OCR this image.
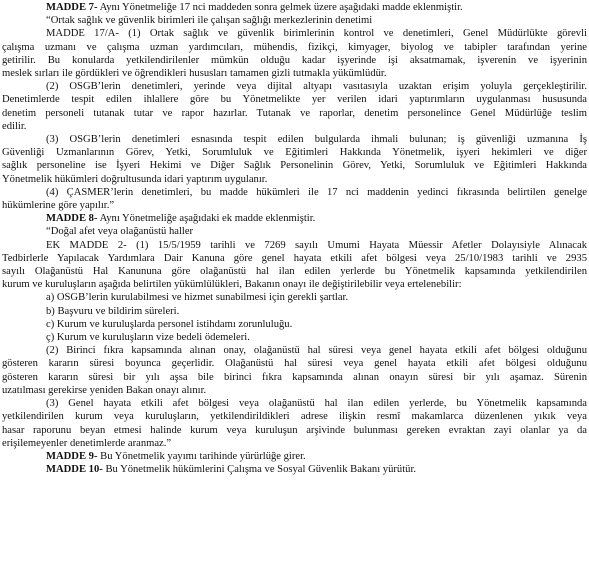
MADDE 7- Aynı Yönetmeliğe 17 nci maddeden sonra gelmek üzere aşağıdaki madde eklenmiştir.
“Ortak sağlık ve güvenlik birimleri ile çalışan sağlığı merkezlerinin denetimi
MADDE 17/A- (1) Ortak sağlık ve güvenlik birimlerinin kontrol ve denetimleri, Genel Müdürlükte görevli
çalışma uzmanı ve çalışma uzman yardımcıları, mühendis, fizikçi, kimyager, biyolog ve tabipler tarafından yerine
getirilir. Bu konularda yetkilendirilenler mümkün olduğu kadar işyerinde işi aksatmamak, işverenin ve işyerinin
meslek sırları ile gördükleri ve öğrendikleri hususları tamamen gizli tutmakla yükümlüdür.
(2) OSGB’lerin denetimleri, yerinde veya dijital altyapı vasıtasıyla uzaktan erişim yoluyla gerçekleştirilir.
Denetimlerde tespit edilen ihlallere göre bu Yönetmelikte yer verilen idari yaptırımların uygulanması hususunda
denetim personeli tutanak tutar ve rapor hazırlar. Tutanak ve raporlar, denetim personelince Genel Müdürlüğe teslim
edilir.
(3) OSGB’lerin denetimleri esnasında tespit edilen bulgularda ihmali bulunan; iş güvenliği uzmanına İş
Güvenliği Uzmanlarının Görev, Yetki, Sorumluluk ve Eğitimleri Hakkında Yönetmelik, işyeri hekimleri ve diğer
sağlık personeline ise İşyeri Hekimi ve Diğer Sağlık Personelinin Görev, Yetki, Sorumluluk ve Eğitimleri Hakkında
Yönetmelik hükümleri doğrultusunda idari yaptırım uygulanır.
(4) ÇASMER’lerin denetimleri, bu madde hükümleri ile 17 nci maddenin yedinci fıkrasında belirtilen genelge
hükümlerine göre yapılır.”
MADDE 8- Aynı Yönetmeliğe aşağıdaki ek madde eklenmiştir.
“Doğal afet veya olağanüstü haller
EK MADDE 2- (1) 15/5/1959 tarihli ve 7269 sayılı Umumi Hayata Müessir Afetler Dolayısiyle Alınacak
Tedbirlerle Yapılacak Yardımlara Dair Kanuna göre genel hayata etkili afet bölgesi veya 25/10/1983 tarihli ve 2935
sayılı Olağanüstü Hal Kanununa göre olağanüstü hal ilan edilen yerlerde bu Yönetmelik kapsamında yetkilendirilen
kurum ve kuruluşların aşağıda belirtilen yükümlülükleri, Bakanın onayı ile değiştirilebilir veya ertelenebilir:
a) OSGB’lerin kurulabilmesi ve hizmet sunabilmesi için gerekli şartlar.
b) Başvuru ve bildirim süreleri.
c) Kurum ve kuruluşlarda personel istihdamı zorunluluğu.
ç) Kurum ve kuruluşların vize bedeli ödemeleri.
(2) Birinci fıkra kapsamında alınan onay, olağanüstü hal süresi veya genel hayata etkili afet bölgesi olduğunu
gösteren kararın süresi boyunca geçerlidir. Olağanüstü hal süresi veya genel hayata etkili afet bölgesi olduğunu
gösteren kararın süresi bir yılı aşsa bile birinci fıkra kapsamında alınan onayın süresi bir yılı aşamaz. Sürenin
uzatılması gerekirse yeniden Bakan onayı alınır.
(3) Genel hayata etkili afet bölgesi veya olağanüstü hal ilan edilen yerlerde, bu Yönetmelik kapsamında
yetkilendirilen kurum veya kuruluşların, yetkilendirildikleri adrese ilişkin resmî makamlarca düzenlenen yıkık veya
hasar raporunu beyan etmesi halinde kurum veya kuruluşun arşivinde bulunması gereken evraktan zayi olanlar ya da
erişilemeyenler denetimlerde aranmaz.”
MADDE 9- Bu Yönetmelik yayımı tarihinde yürürlüğe girer.
MADDE 10- Bu Yönetmelik hükümlerini Çalışma ve Sosyal Güvenlik Bakanı yürütür.
